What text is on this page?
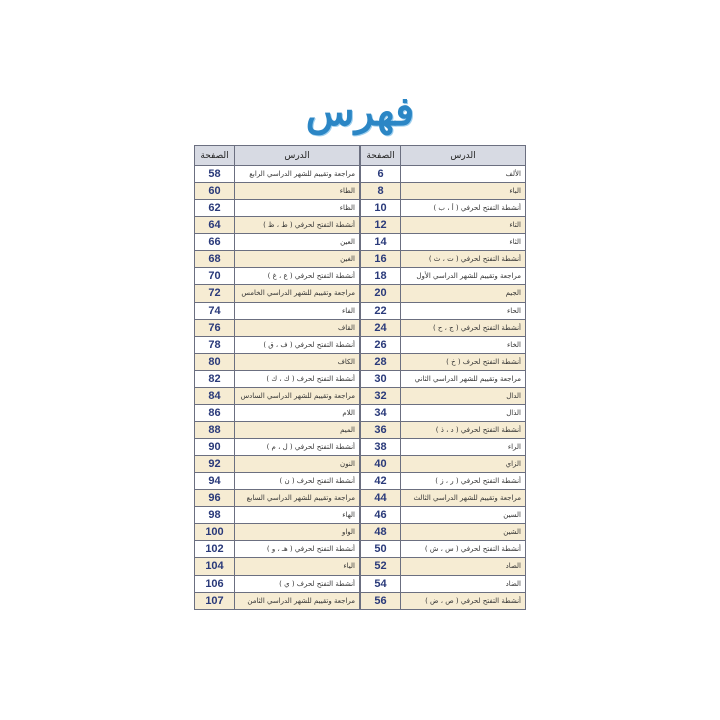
فهرس
الصفحة	الدرس
58	مراجعة وتقييم للشهر الدراسي الرابع
60	الطاء
62	الظاء
64	أنشطة التفتح لحرفي ( ط ، ظ )
66	العين
68	الغين
70	أنشطة التفتح لحرفي ( ع ، غ )
72	مراجعة وتقييم للشهر الدراسي الخامس
74	الفاء
76	القاف
78	أنشطة التفتح لحرفي ( ف ، ق )
80	الكاف
82	أنشطة التفتح لحرف ( ك ، ك )
84	مراجعة وتقييم للشهر الدراسي السادس
86	اللام
88	الميم
90	أنشطة التفتح لحرفي ( ل ، م )
92	النون
94	أنشطة التفتح لحرف ( ن )
96	مراجعة وتقييم للشهر الدراسي السابع
98	الهاء
100	الواو
102	أنشطة التفتح لحرفي ( هـ ، و )
104	الياء
106	أنشطة التفتح لحرف ( ي )
107	مراجعة وتقييم للشهر الدراسي الثامن
الصفحة	الدرس
6	الألف
8	الباء
10	أنشطة التفتح لحرفي ( أ ، ب )
12	التاء
14	الثاء
16	أنشطة التفتح لحرفي ( ت ، ث )
18	مراجعة وتقييم للشهر الدراسي الأول
20	الجيم
22	الحاء
24	أنشطة التفتح لحرفي ( ج ، ح )
26	الخاء
28	أنشطة التفتح لحرف ( خ )
30	مراجعة وتقييم للشهر الدراسي الثاني
32	الدال
34	الذال
36	أنشطة التفتح لحرفي ( د ، ذ )
38	الراء
40	الزاي
42	أنشطة التفتح لحرفي ( ر ، ز )
44	مراجعة وتقييم للشهر الدراسي الثالث
46	السين
48	الشين
50	أنشطة التفتح لحرفي ( س ، ش )
52	الصاد
54	الضاد
56	أنشطة التفتح لحرفي ( ص ، ض )
